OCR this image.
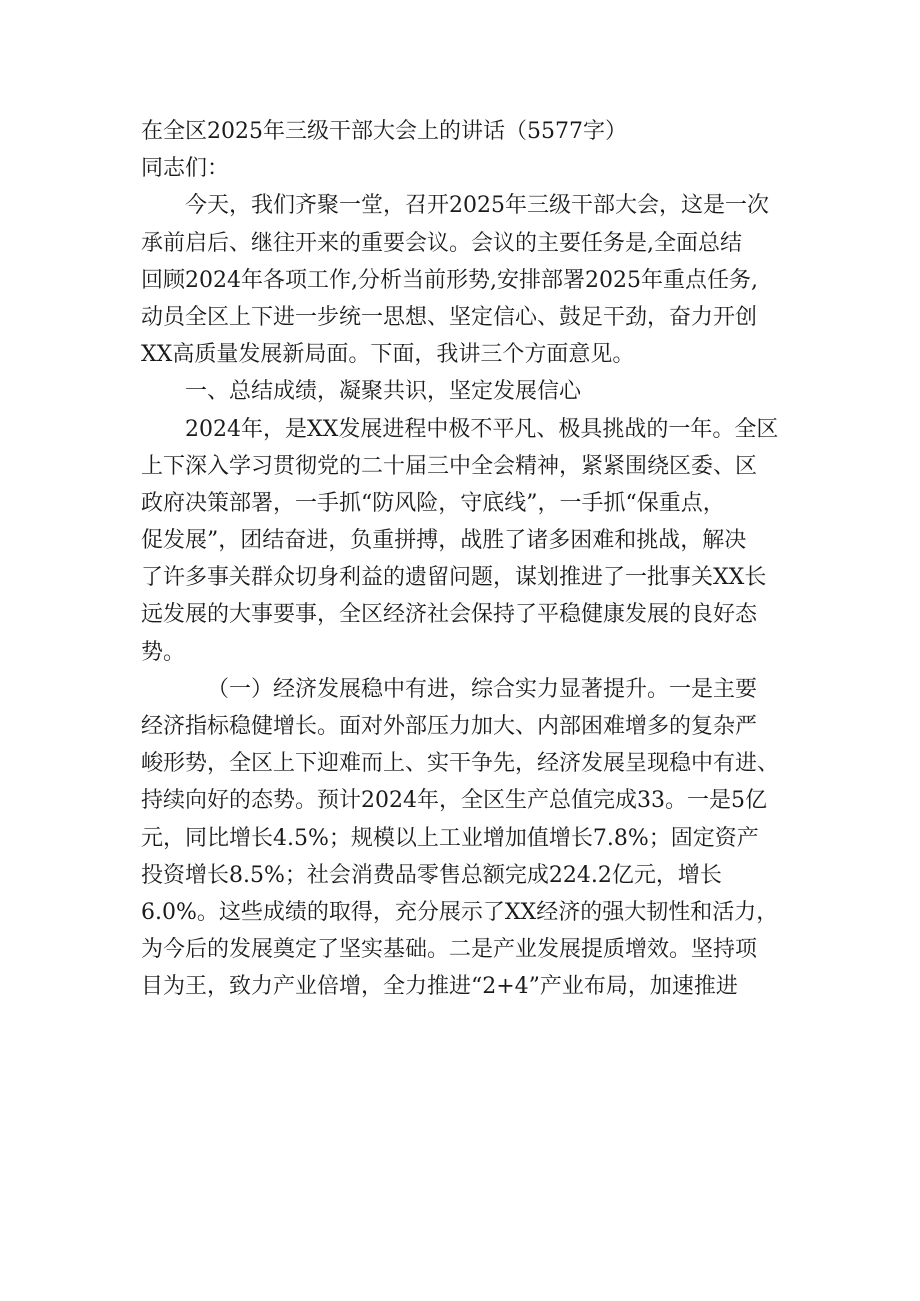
在全区2025年三级干部大会上的讲话（5577字）

同志们：

今天，我们齐聚一堂，召开2025年三级干部大会，这是一次

承前启后、继往开来的重要会议。会议的主要任务是,全面总结

回顾2024年各项工作,分析当前形势,安排部署2025年重点任务,

动员全区上下进一步统一思想、坚定信心、鼓足干劲，奋力开创

XX高质量发展新局面。下面，我讲三个方面意见。

一、总结成绩，凝聚共识，坚定发展信心

2024年，是XX发展进程中极不平凡、极具挑战的一年。全区

上下深入学习贯彻党的二十届三中全会精神，紧紧围绕区委、区

政府决策部署，一手抓“防风险，守底线”，一手抓“保重点，

促发展”，团结奋进，负重拼搏，战胜了诸多困难和挑战，解决

了许多事关群众切身利益的遗留问题，谋划推进了一批事关XX长

远发展的大事要事，全区经济社会保持了平稳健康发展的良好态

势。

（一）经济发展稳中有进，综合实力显著提升。一是主要

经济指标稳健增长。面对外部压力加大、内部困难增多的复杂严

峻形势，全区上下迎难而上、实干争先，经济发展呈现稳中有进、

持续向好的态势。预计2024年，全区生产总值完成33。一是5亿

元，同比增长4.5%；规模以上工业增加值增长7.8%；固定资产

投资增长8.5%；社会消费品零售总额完成224.2亿元，增长

6.0%。这些成绩的取得，充分展示了XX经济的强大韧性和活力，

为今后的发展奠定了坚实基础。二是产业发展提质增效。坚持项

目为王，致力产业倍增，全力推进“2+4”产业布局，加速推进
